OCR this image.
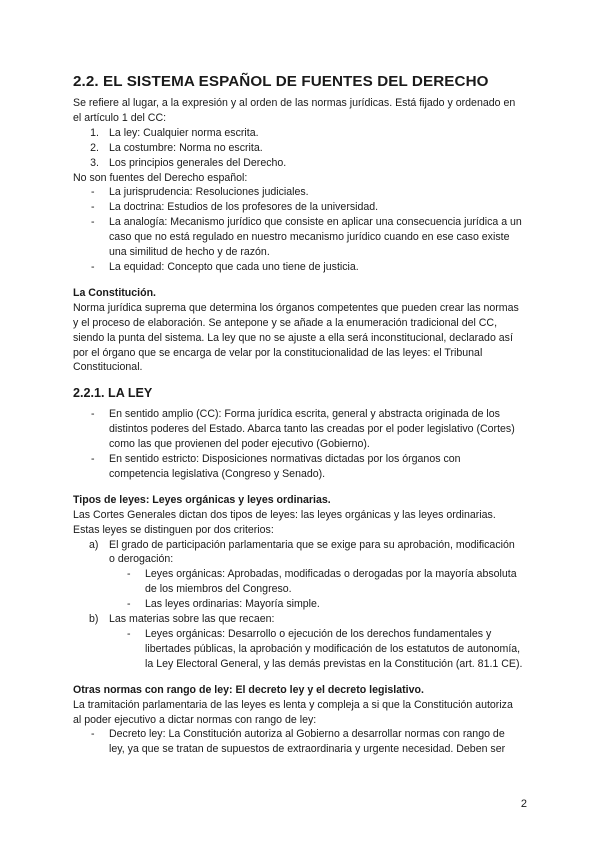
2.2. EL SISTEMA ESPAÑOL DE FUENTES DEL DERECHO

Se refiere al lugar, a la expresión y al orden de las normas jurídicas. Está fijado y ordenado en el artículo 1 del CC:

1. La ley: Cualquier norma escrita.
2. La costumbre: Norma no escrita.
3. Los principios generales del Derecho.

No son fuentes del Derecho español:

-	La jurisprudencia: Resoluciones judiciales.
-	La doctrina: Estudios de los profesores de la universidad.
-	La analogía: Mecanismo jurídico que consiste en aplicar una consecuencia jurídica a un caso que no está regulado en nuestro mecanismo jurídico cuando en ese caso existe una similitud de hecho y de razón.
-	La equidad: Concepto que cada uno tiene de justicia.

La Constitución.

Norma jurídica suprema que determina los órganos competentes que pueden crear las normas y el proceso de elaboración. Se antepone y se añade a la enumeración tradicional del CC, siendo la punta del sistema. La ley que no se ajuste a ella será inconstitucional, declarado así por el órgano que se encarga de velar por la constitucionalidad de las leyes: el Tribunal Constitucional.

2.2.1. LA LEY
-	En sentido amplio (CC): Forma jurídica escrita, general y abstracta originada de los distintos poderes del Estado. Abarca tanto las creadas por el poder legislativo (Cortes) como las que provienen del poder ejecutivo (Gobierno).
-	En sentido estricto: Disposiciones normativas dictadas por los órganos con competencia legislativa (Congreso y Senado).

Tipos de leyes: Leyes orgánicas y leyes ordinarias.

Las Cortes Generales dictan dos tipos de leyes: las leyes orgánicas y las leyes ordinarias. Estas leyes se distinguen por dos criterios:

a) El grado de participación parlamentaria que se exige para su aprobación, modificación o derogación:
-	Leyes orgánicas: Aprobadas, modificadas o derogadas por la mayoría absoluta de los miembros del Congreso.
-	Las leyes ordinarias: Mayoría simple.
b) Las materias sobre las que recaen:
-	Leyes orgánicas: Desarrollo o ejecución de los derechos fundamentales y libertades públicas, la aprobación y modificación de los estatutos de autonomía, la Ley Electoral General, y las demás previstas en la Constitución (art. 81.1 CE).

Otras normas con rango de ley: El decreto ley y el decreto legislativo.

La tramitación parlamentaria de las leyes es lenta y compleja a si que la Constitución autoriza al poder ejecutivo a dictar normas con rango de ley:

-	Decreto ley: La Constitución autoriza al Gobierno a desarrollar normas con rango de ley, ya que se tratan de supuestos de extraordinaria y urgente necesidad. Deben ser
2
